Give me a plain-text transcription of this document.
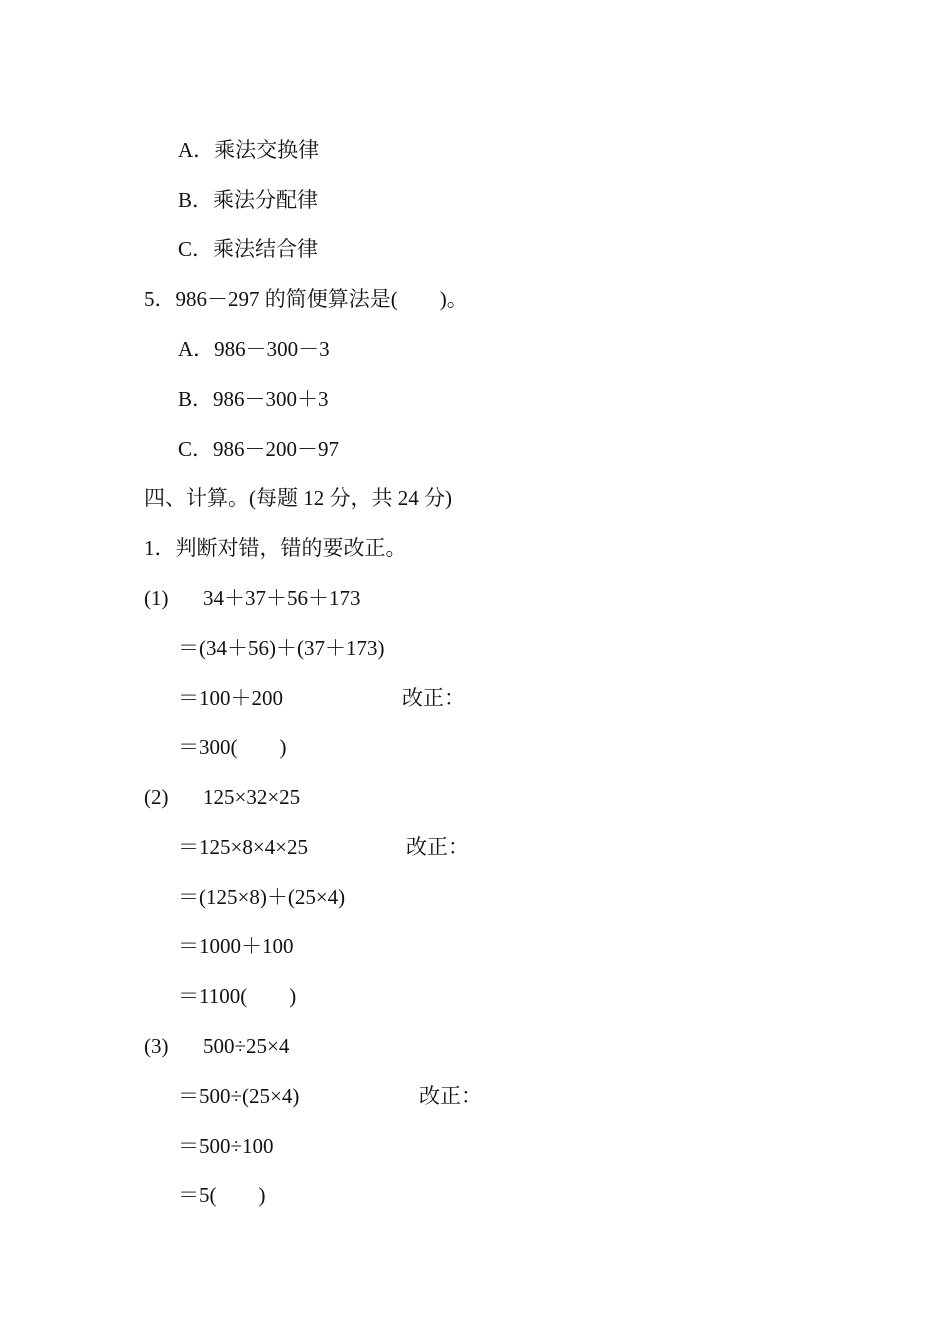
A．乘法交换律
B．乘法分配律
C．乘法结合律
5．986－297 的简便算法是(　　)。
A．986－300－3
B．986－300＋3
C．986－200－97
四、计算。(每题 12 分，共 24 分)
1．判断对错，错的要改正。
(1) 34＋37＋56＋173
＝(34＋56)＋(37＋173)
＝100＋200	改正：
＝300(　　)
(2) 125×32×25
＝125×8×4×25	改正：
＝(125×8)＋(25×4)
＝1000＋100
＝1100(　　)
(3) 500÷25×4
＝500÷(25×4)	改正：
＝500÷100
＝5(　　)
